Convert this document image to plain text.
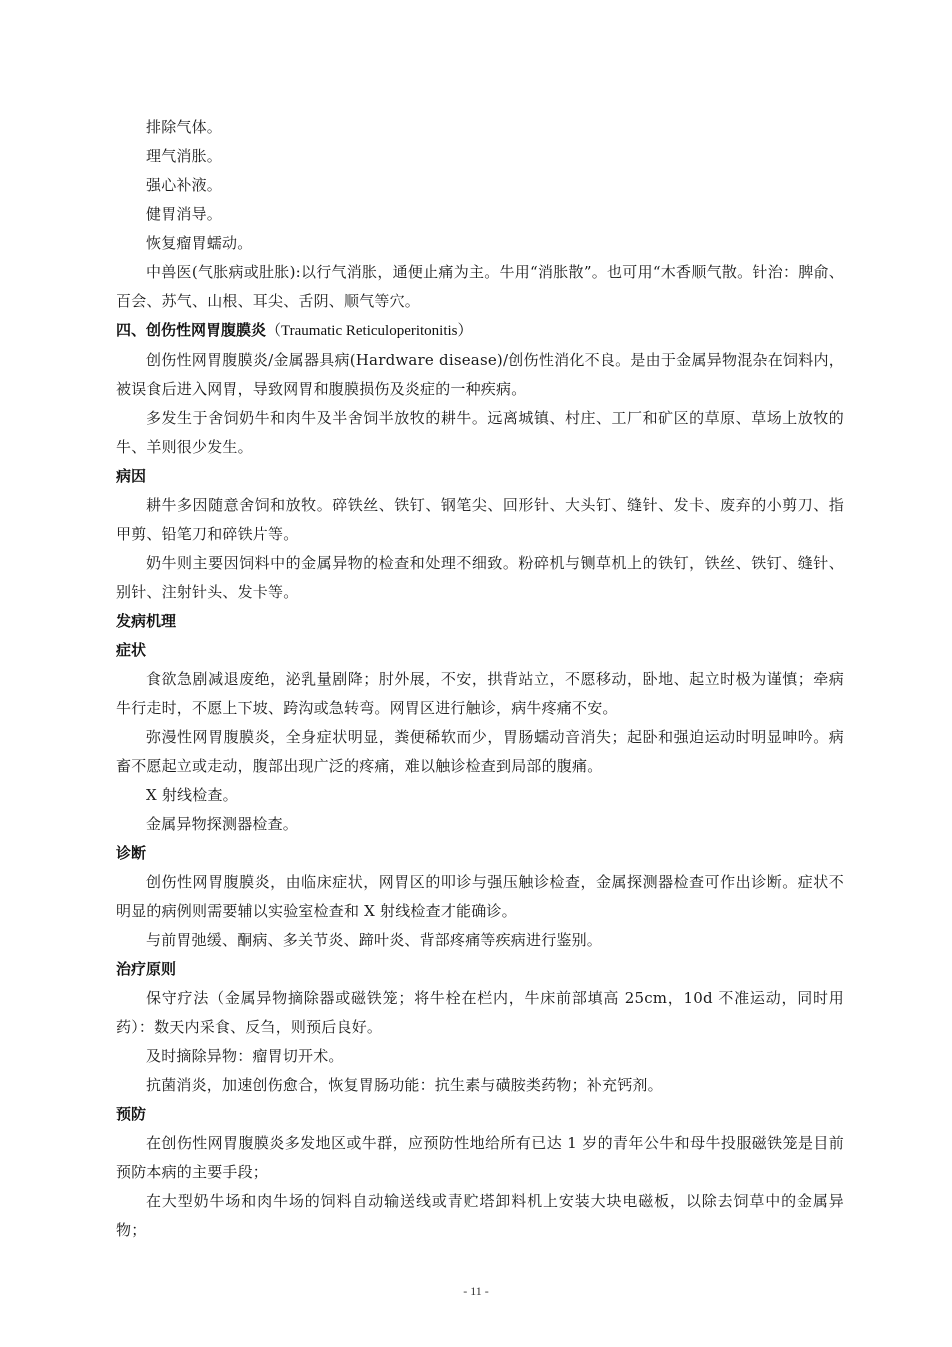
排除气体。

理气消胀。

强心补液。

健胃消导。

恢复瘤胃蠕动。

中兽医(气胀病或肚胀):以行气消胀，通便止痛为主。牛用“消胀散”。也可用“木香顺气散。针治：脾俞、百会、苏气、山根、耳尖、舌阴、顺气等穴。

四、创伤性网胃腹膜炎（Traumatic Reticuloperitonitis）

创伤性网胃腹膜炎/金属器具病(Hardware disease)/创伤性消化不良。是由于金属异物混杂在饲料内，被误食后进入网胃，导致网胃和腹膜损伤及炎症的一种疾病。

多发生于舍饲奶牛和肉牛及半舍饲半放牧的耕牛。远离城镇、村庄、工厂和矿区的草原、草场上放牧的牛、羊则很少发生。

病因

耕牛多因随意舍饲和放牧。碎铁丝、铁钉、钢笔尖、回形针、大头钉、缝针、发卡、废弃的小剪刀、指甲剪、铅笔刀和碎铁片等。

奶牛则主要因饲料中的金属异物的检查和处理不细致。粉碎机与铡草机上的铁钉，铁丝、铁钉、缝针、别针、注射针头、发卡等。

发病机理

症状

食欲急剧减退废绝，泌乳量剧降；肘外展，不安，拱背站立，不愿移动，卧地、起立时极为谨慎；牵病牛行走时，不愿上下坡、跨沟或急转弯。网胃区进行触诊，病牛疼痛不安。

弥漫性网胃腹膜炎，全身症状明显，粪便稀软而少，胃肠蠕动音消失；起卧和强迫运动时明显呻吟。病畜不愿起立或走动，腹部出现广泛的疼痛，难以触诊检查到局部的腹痛。

X 射线检查。

金属异物探测器检查。

诊断

创伤性网胃腹膜炎，由临床症状，网胃区的叩诊与强压触诊检查，金属探测器检查可作出诊断。症状不明显的病例则需要辅以实验室检查和 X 射线检查才能确诊。

与前胃弛缓、酮病、多关节炎、蹄叶炎、背部疼痛等疾病进行鉴别。

治疗原则

保守疗法（金属异物摘除器或磁铁笼；将牛栓在栏内，牛床前部填高 25cm，10d 不准运动，同时用药）：数天内采食、反刍，则预后良好。

及时摘除异物：瘤胃切开术。

抗菌消炎，加速创伤愈合，恢复胃肠功能：抗生素与磺胺类药物；补充钙剂。

预防

在创伤性网胃腹膜炎多发地区或牛群，应预防性地给所有已达 1 岁的青年公牛和母牛投服磁铁笼是目前预防本病的主要手段；

在大型奶牛场和肉牛场的饲料自动输送线或青贮塔卸料机上安装大块电磁板，以除去饲草中的金属异物；

- 11 -
